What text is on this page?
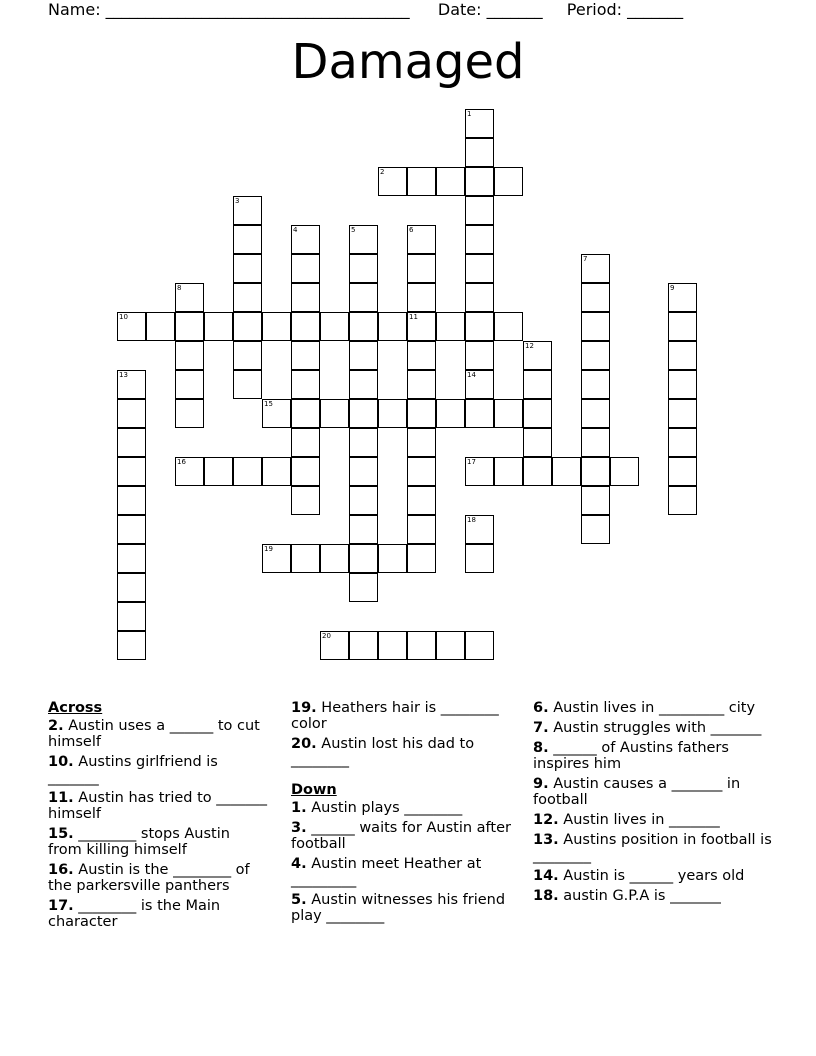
Name: ______________________________________ Date: _______ Period: _______
Damaged
2
10	11
15
16	17
19
20
1
14
3
4	5	6
7
8	9
12
13
18
Across
2. Austin uses a ______ to cut himself
10. Austins girlfriend is _______
11. Austin has tried to _______ himself
15. ________ stops Austin from killing himself
16. Austin is the ________ of the parkersville panthers
17. ________ is the Main character
19. Heathers hair is ________ color
20. Austin lost his dad to ________
Down
1. Austin plays ________
3. ______ waits for Austin after football
4. Austin meet Heather at _________
5. Austin witnesses his friend play ________
6. Austin lives in _________ city
7. Austin struggles with _______
8. ______ of Austins fathers inspires him
9. Austin causes a _______ in football
12. Austin lives in _______
13. Austins position in football is ________
14. Austin is ______ years old
18. austin G.P.A is _______
